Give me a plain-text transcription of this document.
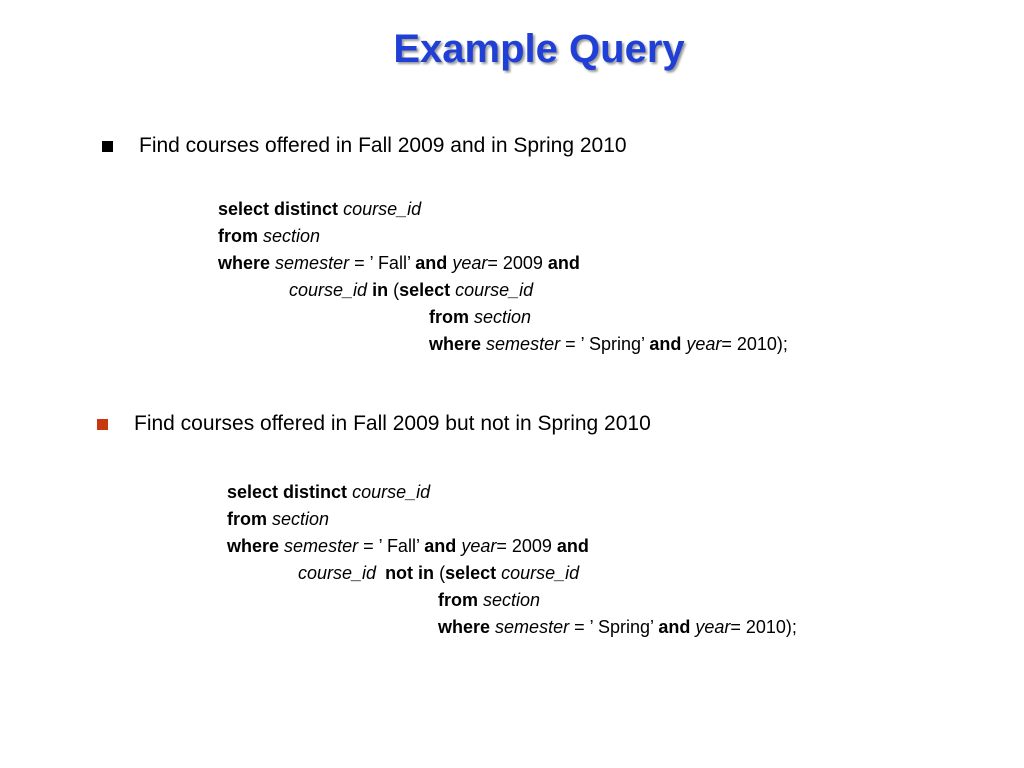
Example Query
Find courses offered in Fall 2009 and in Spring 2010
select distinct course_id
from section
where semester = ’ Fall’ and year= 2009 and
course_id in (select course_id
from section
where semester = ’ Spring’ and year= 2010);
Find courses offered in Fall 2009 but not in Spring 2010
select distinct course_id
from section
where semester = ’ Fall’ and year= 2009 and
course_id not in (select course_id
from section
where semester = ’ Spring’ and year= 2010);
